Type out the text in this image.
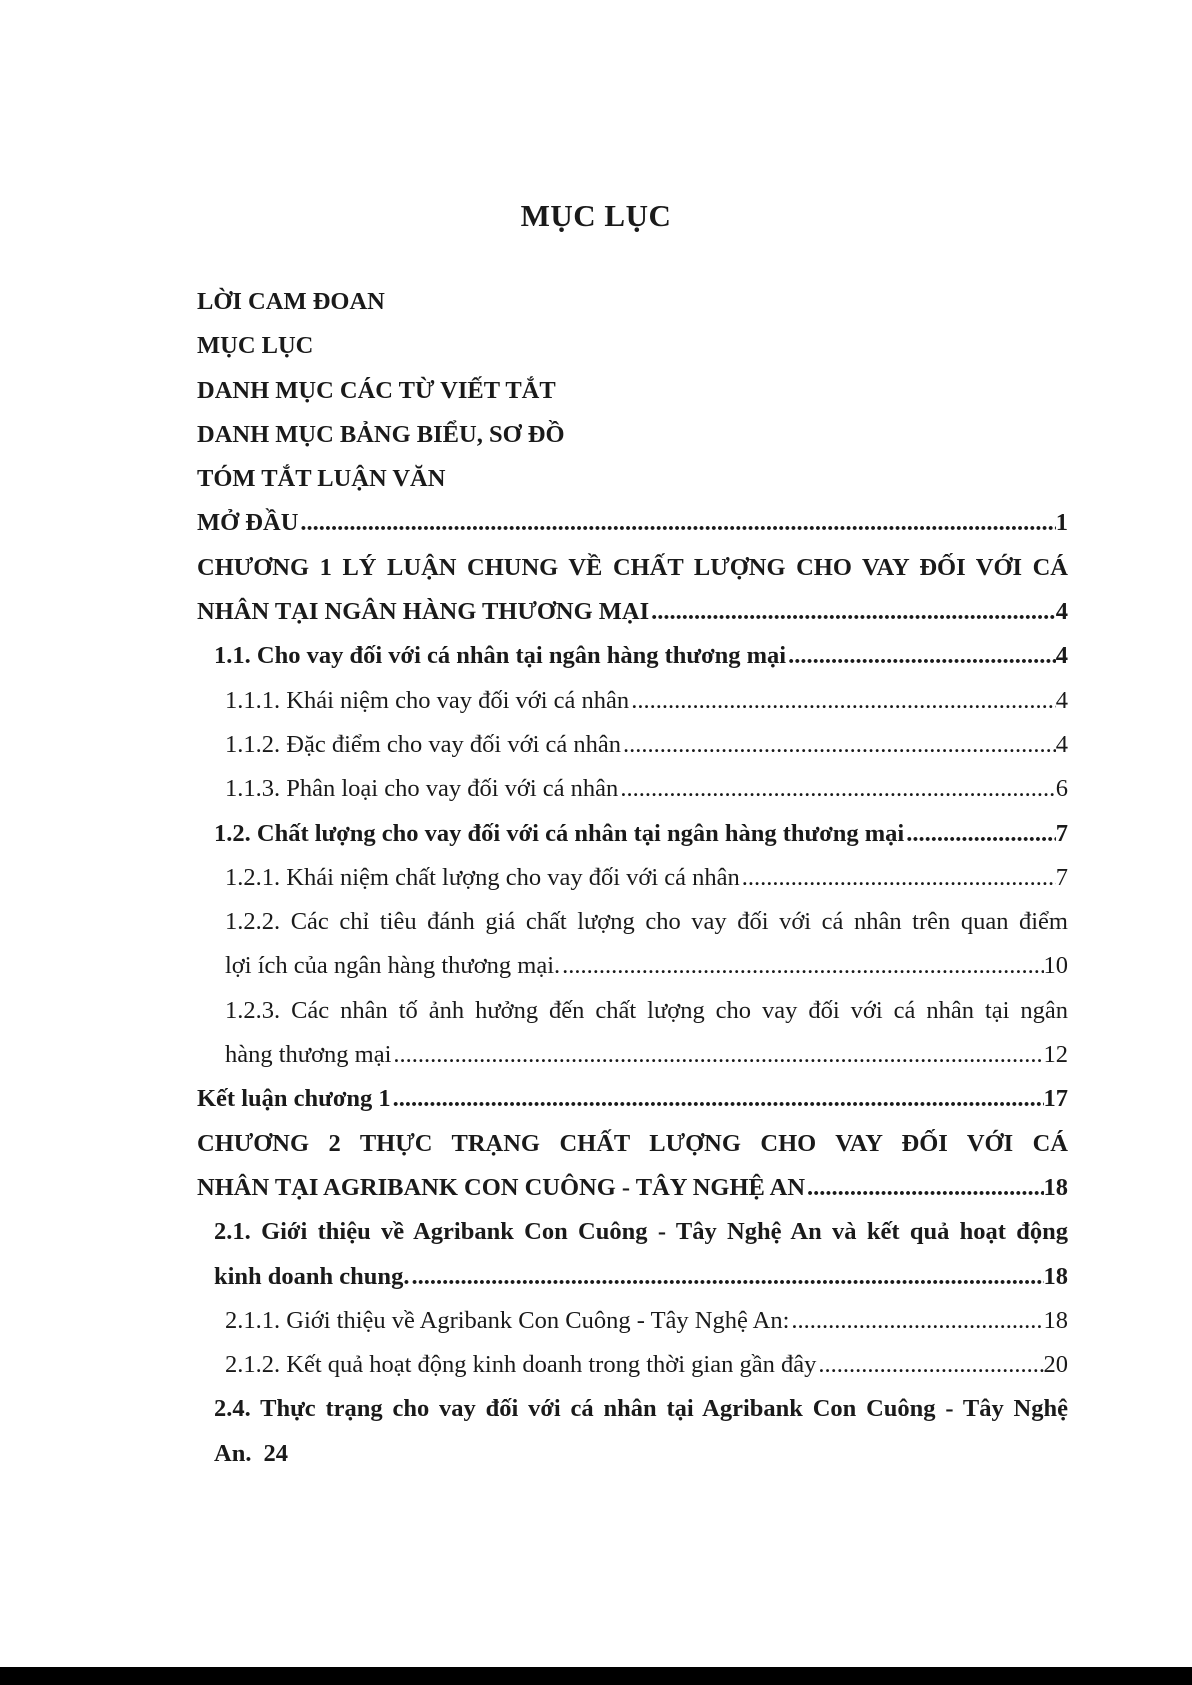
MỤC LỤC
LỜI CAM ĐOAN
MỤC LỤC
DANH MỤC CÁC TỪ VIẾT TẮT
DANH MỤC BẢNG BIỂU, SƠ ĐỒ
TÓM TẮT LUẬN VĂN
MỞ ĐẦU .....	1
CHƯƠNG 1 LÝ LUẬN CHUNG VỀ CHẤT LƯỢNG CHO VAY ĐỐI VỚI CÁ
NHÂN TẠI NGÂN HÀNG THƯƠNG MẠI .....	4
1.1. Cho vay đối với cá nhân tại ngân hàng thương mại .....	4
1.1.1. Khái niệm cho vay đối với cá nhân .....	4
1.1.2. Đặc điểm cho vay đối với cá nhân .....	4
1.1.3. Phân loại cho vay đối với cá nhân .....	6
1.2. Chất lượng cho vay đối với cá nhân tại ngân hàng thương mại .....	7
1.2.1. Khái niệm chất lượng cho vay đối với cá nhân .....	7
1.2.2. Các chỉ tiêu đánh giá chất lượng cho vay đối với cá nhân trên quan điểm
lợi ích của ngân hàng thương mại. .....	10
1.2.3. Các nhân tố ảnh hưởng đến chất lượng cho vay đối với cá nhân tại ngân
hàng thương mại .....	12
Kết luận chương 1 .....	17
CHƯƠNG 2 THỰC TRẠNG CHẤT LƯỢNG CHO VAY ĐỐI VỚI CÁ
NHÂN TẠI AGRIBANK CON CUÔNG - TÂY NGHỆ AN .....	18
2.1. Giới thiệu về Agribank Con Cuông - Tây Nghệ An và kết quả hoạt động
kinh doanh chung. .....	18
2.1.1. Giới thiệu về Agribank Con Cuông - Tây Nghệ An: .....	18
2.1.2. Kết quả hoạt động kinh doanh trong thời gian gần đây .....	20
2.4. Thực trạng cho vay đối với cá nhân tại Agribank Con Cuông - Tây Nghệ
An. 24
